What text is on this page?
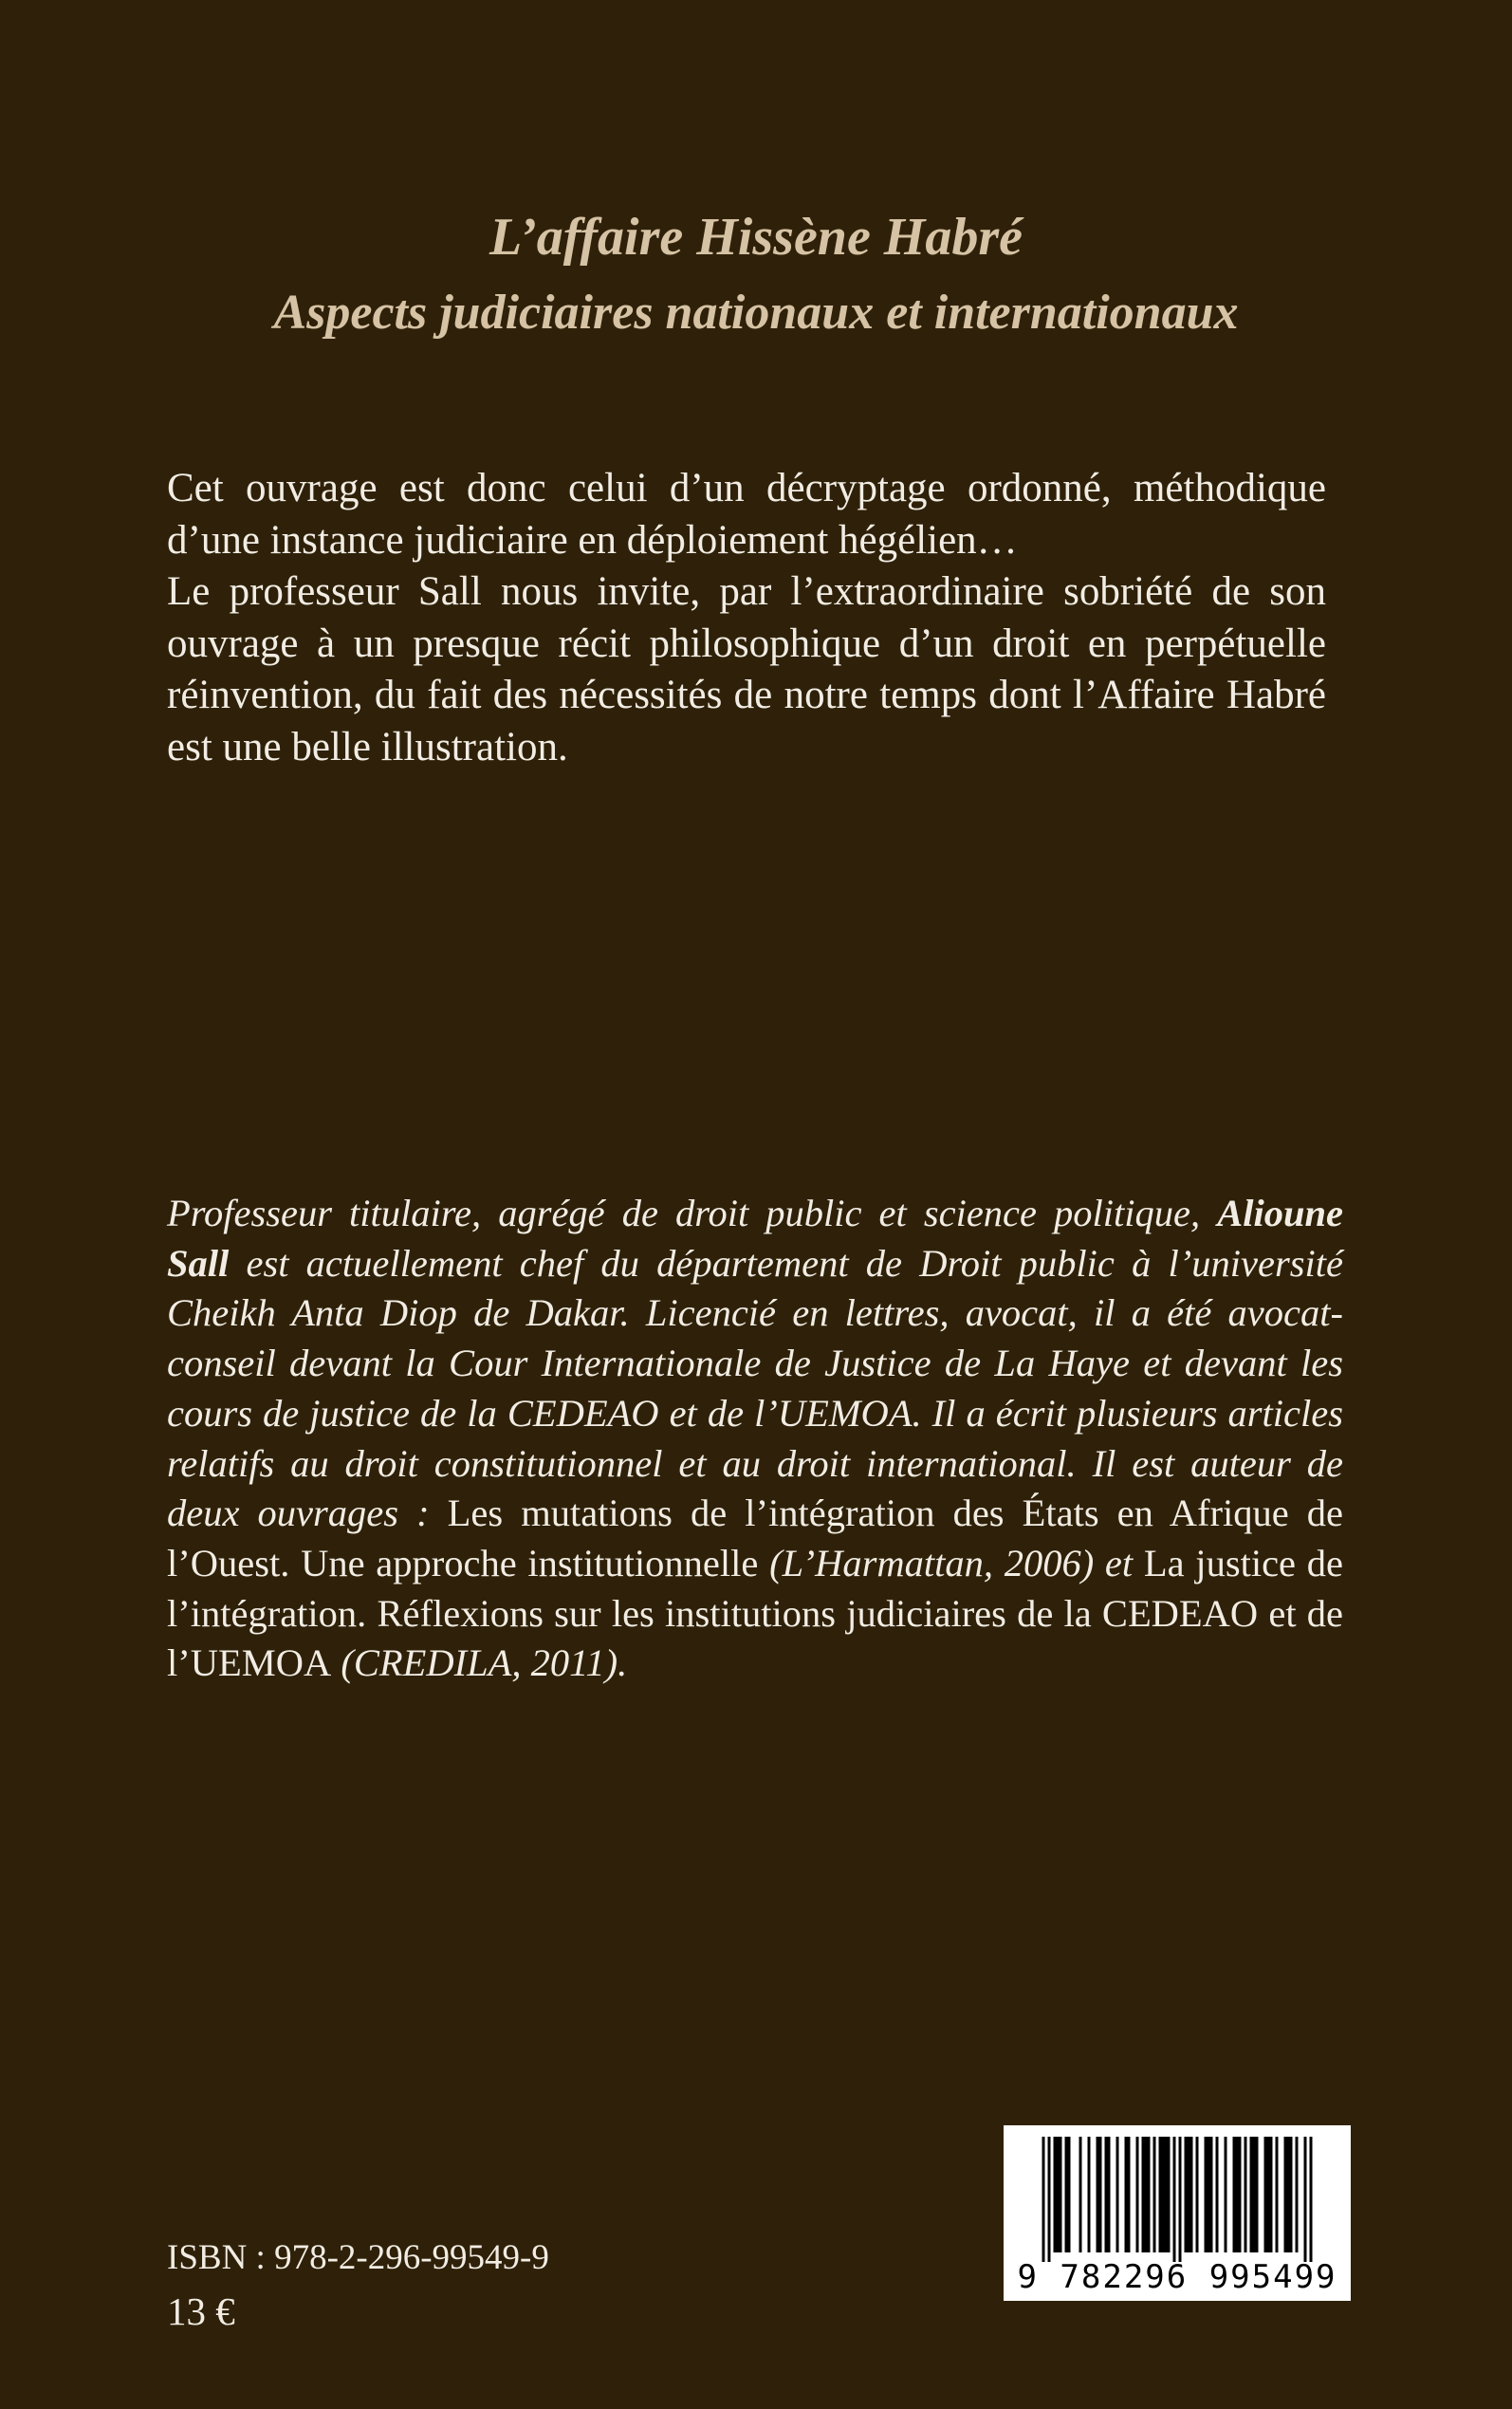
L’affaire Hissène Habré
Aspects judiciaires nationaux et internationaux

Cet ouvrage est donc celui d’un décryptage ordonné, méthodique d’une instance judiciaire en déploiement hégélien…

Le professeur Sall nous invite, par l’extraordinaire sobriété de son ouvrage à un presque récit philosophique d’un droit en perpétuelle réinvention, du fait des nécessités de notre temps dont l’Affaire Habré est une belle illustration.

Professeur titulaire, agrégé de droit public et science politique, Alioune Sall est actuellement chef du département de Droit public à l’université Cheikh Anta Diop de Dakar. Licencié en lettres, avocat, il a été avocat-conseil devant la Cour Internationale de Justice de La Haye et devant les cours de justice de la CEDEAO et de l’UEMOA. Il a écrit plusieurs articles relatifs au droit constitutionnel et au droit international. Il est auteur de deux ouvrages : Les mutations de l’intégration des États en Afrique de l’Ouest. Une approche institutionnelle (L’Harmattan, 2006) et La justice de l’intégration. Réflexions sur les institutions judiciaires de la CEDEAO et de l’UEMOA (CREDILA, 2011).
ISBN : 978-2-296-99549-9
13 €
9 782296 995499
